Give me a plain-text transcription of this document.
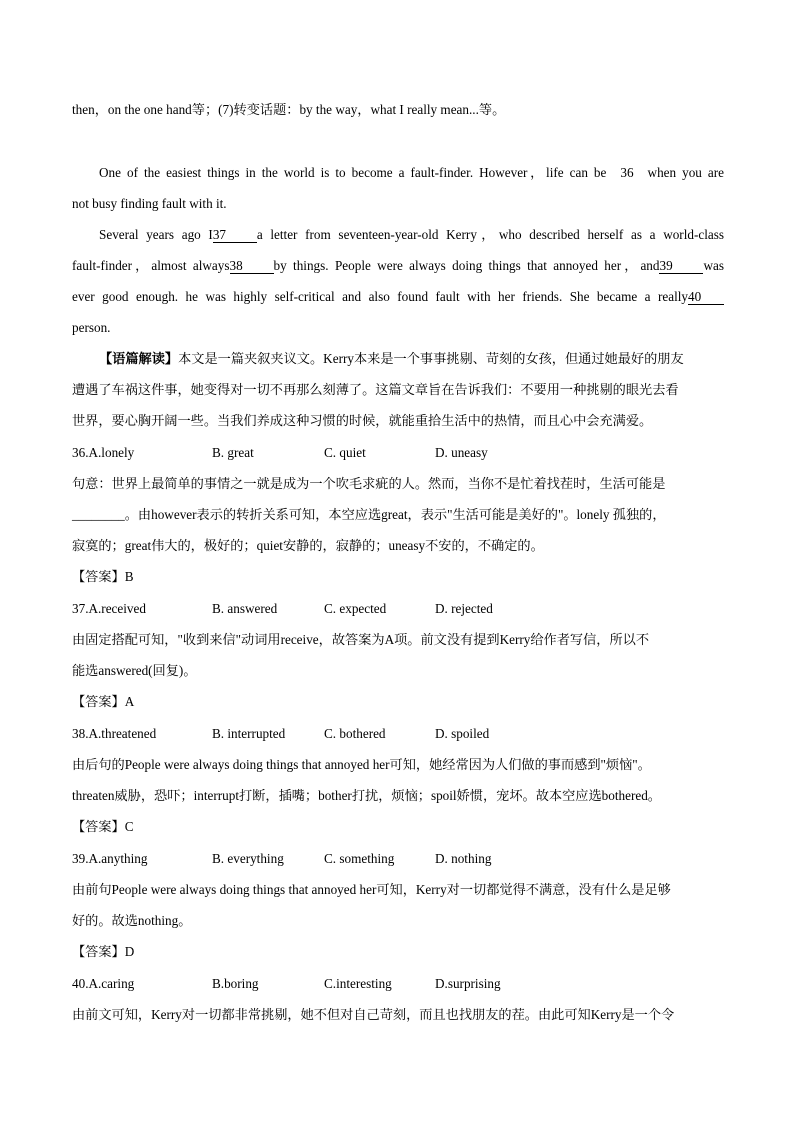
then，on the one hand等；(7)转变话题：by the way，what I really mean...等。
One of the easiest things in the world is to become a fault-finder. However，life can be 36 when you are
not busy finding fault with it.
Several years ago I37 a letter from seventeen-year-old Kerry，who described herself as a world-class
fault-finder，almost always38 by things. People were always doing things that annoyed her，and39 was
ever good enough. he was highly self-critical and also found fault with her friends. She became a really40
person.
【语篇解读】本文是一篇夹叙夹议文。Kerry本来是一个事事挑剔、苛刻的女孩，但通过她最好的朋友
遭遇了车祸这件事，她变得对一切不再那么刻薄了。这篇文章旨在告诉我们：不要用一种挑剔的眼光去看
世界，要心胸开阔一些。当我们养成这种习惯的时候，就能重拾生活中的热情，而且心中会充满爱。
36.A.lonely	B. great	C. quiet	D. uneasy
句意：世界上最简单的事情之一就是成为一个吹毛求疵的人。然而，当你不是忙着找茬时，生活可能是
________。由however表示的转折关系可知，本空应选great，表示"生活可能是美好的"。lonely 孤独的，
寂寞的；great伟大的，极好的；quiet安静的，寂静的；uneasy不安的，不确定的。
【答案】B
37.A.received	B. answered	C. expected	D. rejected
由固定搭配可知，"收到来信"动词用receive，故答案为A项。前文没有提到Kerry给作者写信，所以不
能选answered(回复)。
【答案】A
38.A.threatened	B. interrupted	C. bothered	D. spoiled
由后句的People were always doing things that annoyed her可知，她经常因为人们做的事而感到"烦恼"。
threaten威胁，恐吓；interrupt打断，插嘴；bother打扰，烦恼；spoil娇惯，宠坏。故本空应选bothered。
【答案】C
39.A.anything	B. everything	C. something	D. nothing
由前句People were always doing things that annoyed her可知，Kerry对一切都觉得不满意，没有什么是足够
好的。故选nothing。
【答案】D
40.A.caring	B.boring	C.interesting	D.surprising
由前文可知，Kerry对一切都非常挑剔，她不但对自己苛刻，而且也找朋友的茬。由此可知Kerry是一个令
